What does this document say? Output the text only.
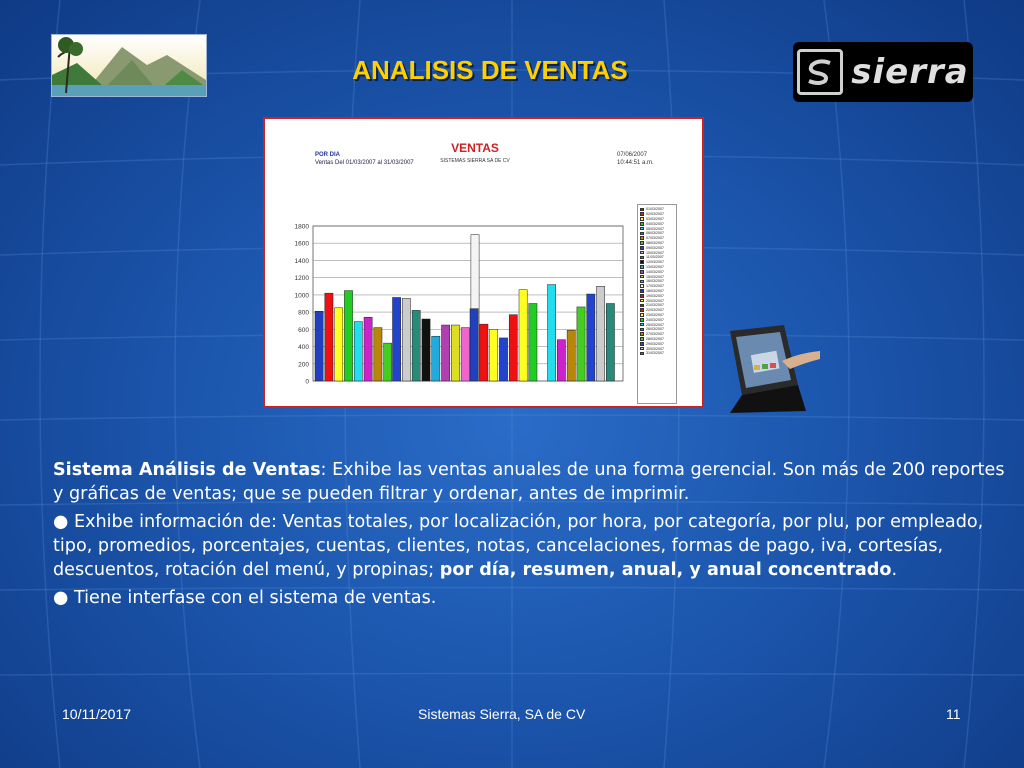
ANALISIS DE VENTAS	sierra
POR DIA
Ventas Del 01/03/2007 al 31/03/2007
VENTAS
SISTEMAS SIERRA SA DE CV
07/06/2007
10:44:51 a.m.
0
200
400
600
800
1000
1200
1400
1600
1800
01/03/2007
02/03/2007
03/03/2007
04/03/2007
05/03/2007
06/03/2007
07/03/2007
08/03/2007
09/03/2007
10/03/2007
11/03/2007
12/03/2007
13/03/2007
14/03/2007
15/03/2007
16/03/2007
17/03/2007
18/03/2007
19/03/2007
20/03/2007
21/03/2007
22/03/2007
23/03/2007
24/03/2007
25/03/2007
26/03/2007
27/03/2007
28/03/2007
29/03/2007
30/03/2007
31/03/2007

Sistema Análisis de Ventas: Exhibe las ventas anuales de una forma gerencial. Son más de 200 reportes y gráficas de ventas; que se pueden filtrar y ordenar, antes de imprimir.

● Exhibe información de: Ventas totales, por localización, por hora, por categoría, por plu, por empleado, tipo, promedios, porcentajes, cuentas, clientes, notas, cancelaciones, formas de pago, iva, cortesías, descuentos, rotación del menú, y propinas; por día, resumen, anual, y anual concentrado.

● Tiene interfase con el sistema de ventas.

10/11/2017	Sistemas Sierra, SA de CV	11
